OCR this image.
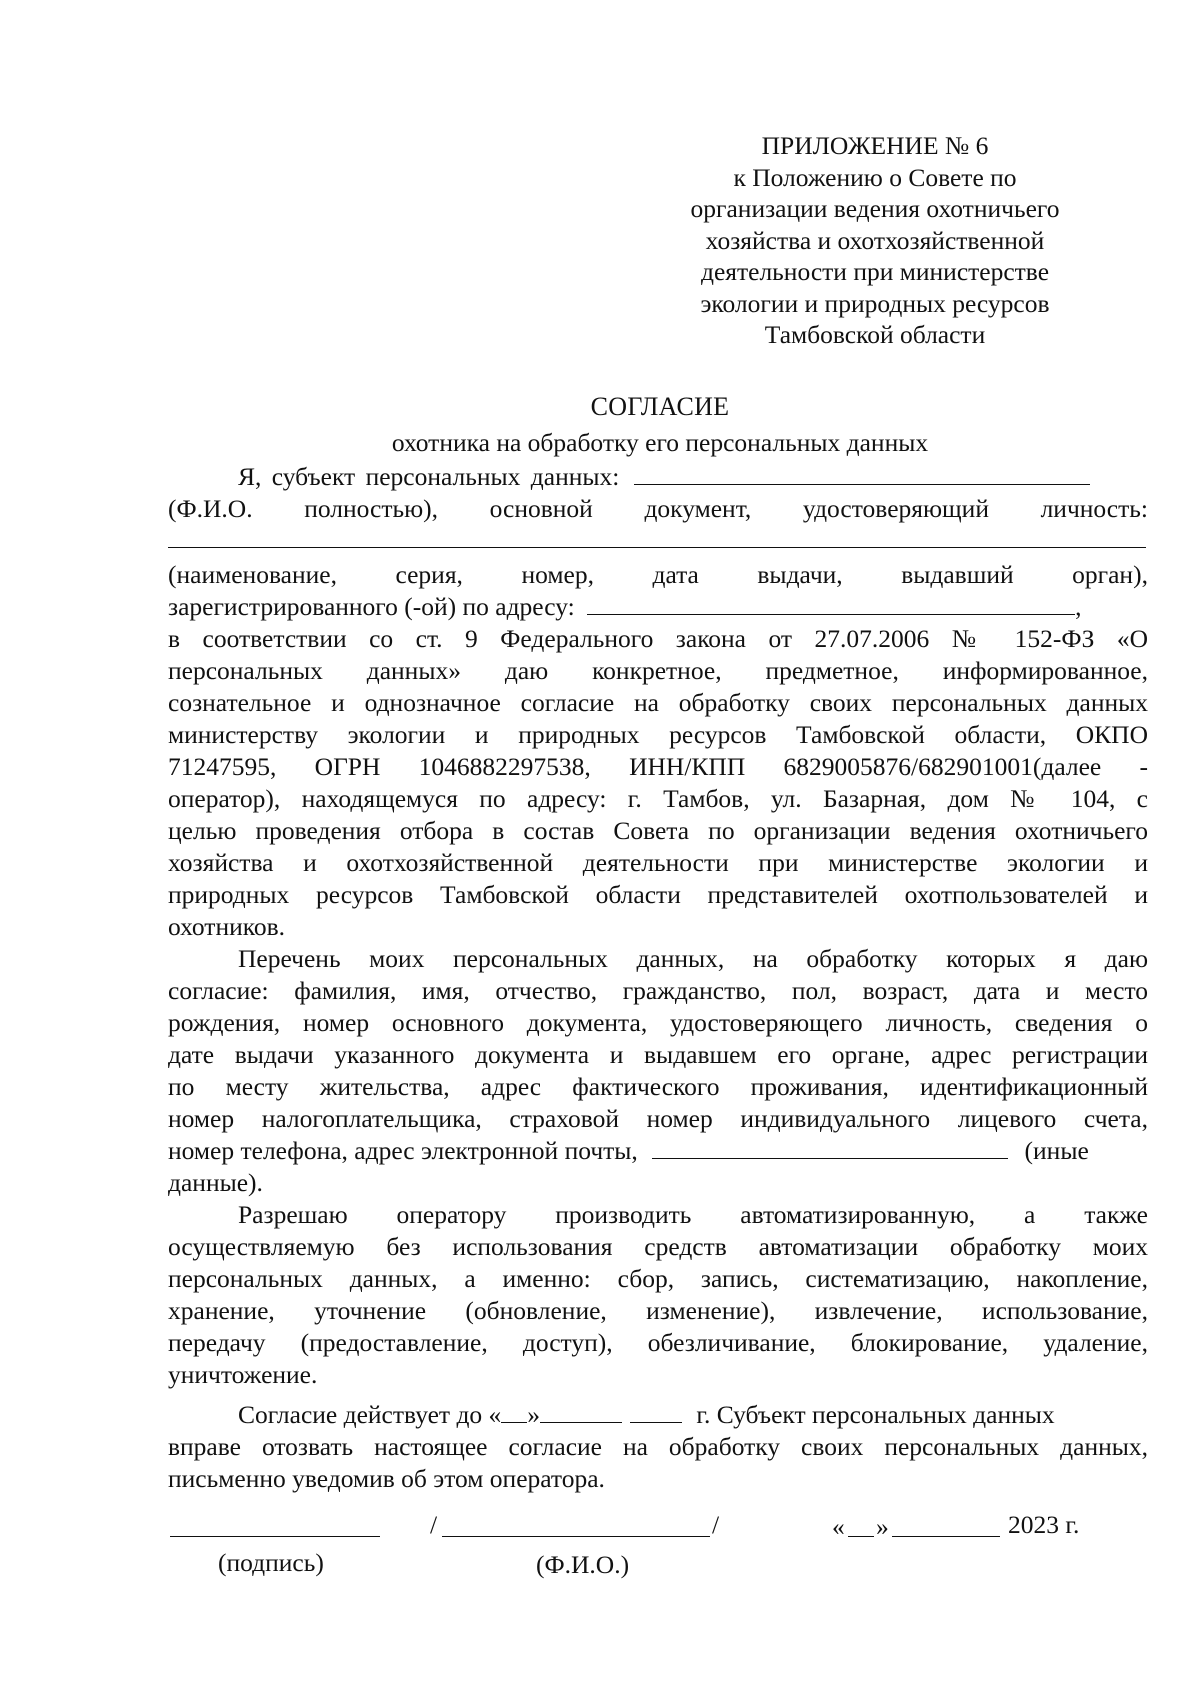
ПРИЛОЖЕНИЕ № 6
к Положению о Совете по
организации ведения охотничьего
хозяйства и охотхозяйственной
деятельности при министерстве
экологии и природных ресурсов
Тамбовской области
СОГЛАСИЕ
охотника на обработку его персональных данных
Я, субъект персональных данных:
(Ф.И.О. полностью), основной документ, удостоверяющий личность:
(наименование, серия, номер, дата выдачи, выдавший орган),
зарегистрированного (-ой) по адресу:	,
в соответствии со ст. 9 Федерального закона от 27.07.2006 № 152-ФЗ «О
персональных данных» даю конкретное, предметное, информированное,
сознательное и однозначное согласие на обработку своих персональных данных
министерству экологии и природных ресурсов Тамбовской области, ОКПО
71247595, ОГРН 1046882297538, ИНН/КПП 6829005876/682901001(далее -
оператор), находящемуся по адресу: г. Тамбов, ул. Базарная, дом № 104, с
целью проведения отбора в состав Совета по организации ведения охотничьего
хозяйства и охотхозяйственной деятельности при министерстве экологии и
природных ресурсов Тамбовской области представителей охотпользователей и
охотников.
Перечень моих персональных данных, на обработку которых я даю
согласие: фамилия, имя, отчество, гражданство, пол, возраст, дата и место
рождения, номер основного документа, удостоверяющего личность, сведения о
дате выдачи указанного документа и выдавшем его органе, адрес регистрации
по месту жительства, адрес фактического проживания, идентификационный
номер налогоплательщика, страховой номер индивидуального лицевого счета,
номер телефона, адрес электронной почты,	(иные
данные).
Разрешаю оператору производить автоматизированную, а также
осуществляемую без использования средств автоматизации обработку моих
персональных данных, а именно: сбор, запись, систематизацию, накопление,
хранение, уточнение (обновление, изменение), извлечение, использование,
передачу (предоставление, доступ), обезличивание, блокирование, удаление,
уничтожение.
Согласие действует до « »	г. Субъект персональных данных
вправе отозвать настоящее согласие на обработку своих персональных данных,
письменно уведомив об этом оператора.
/	/	« »	2023 г.
(подпись)	(Ф.И.О.)
